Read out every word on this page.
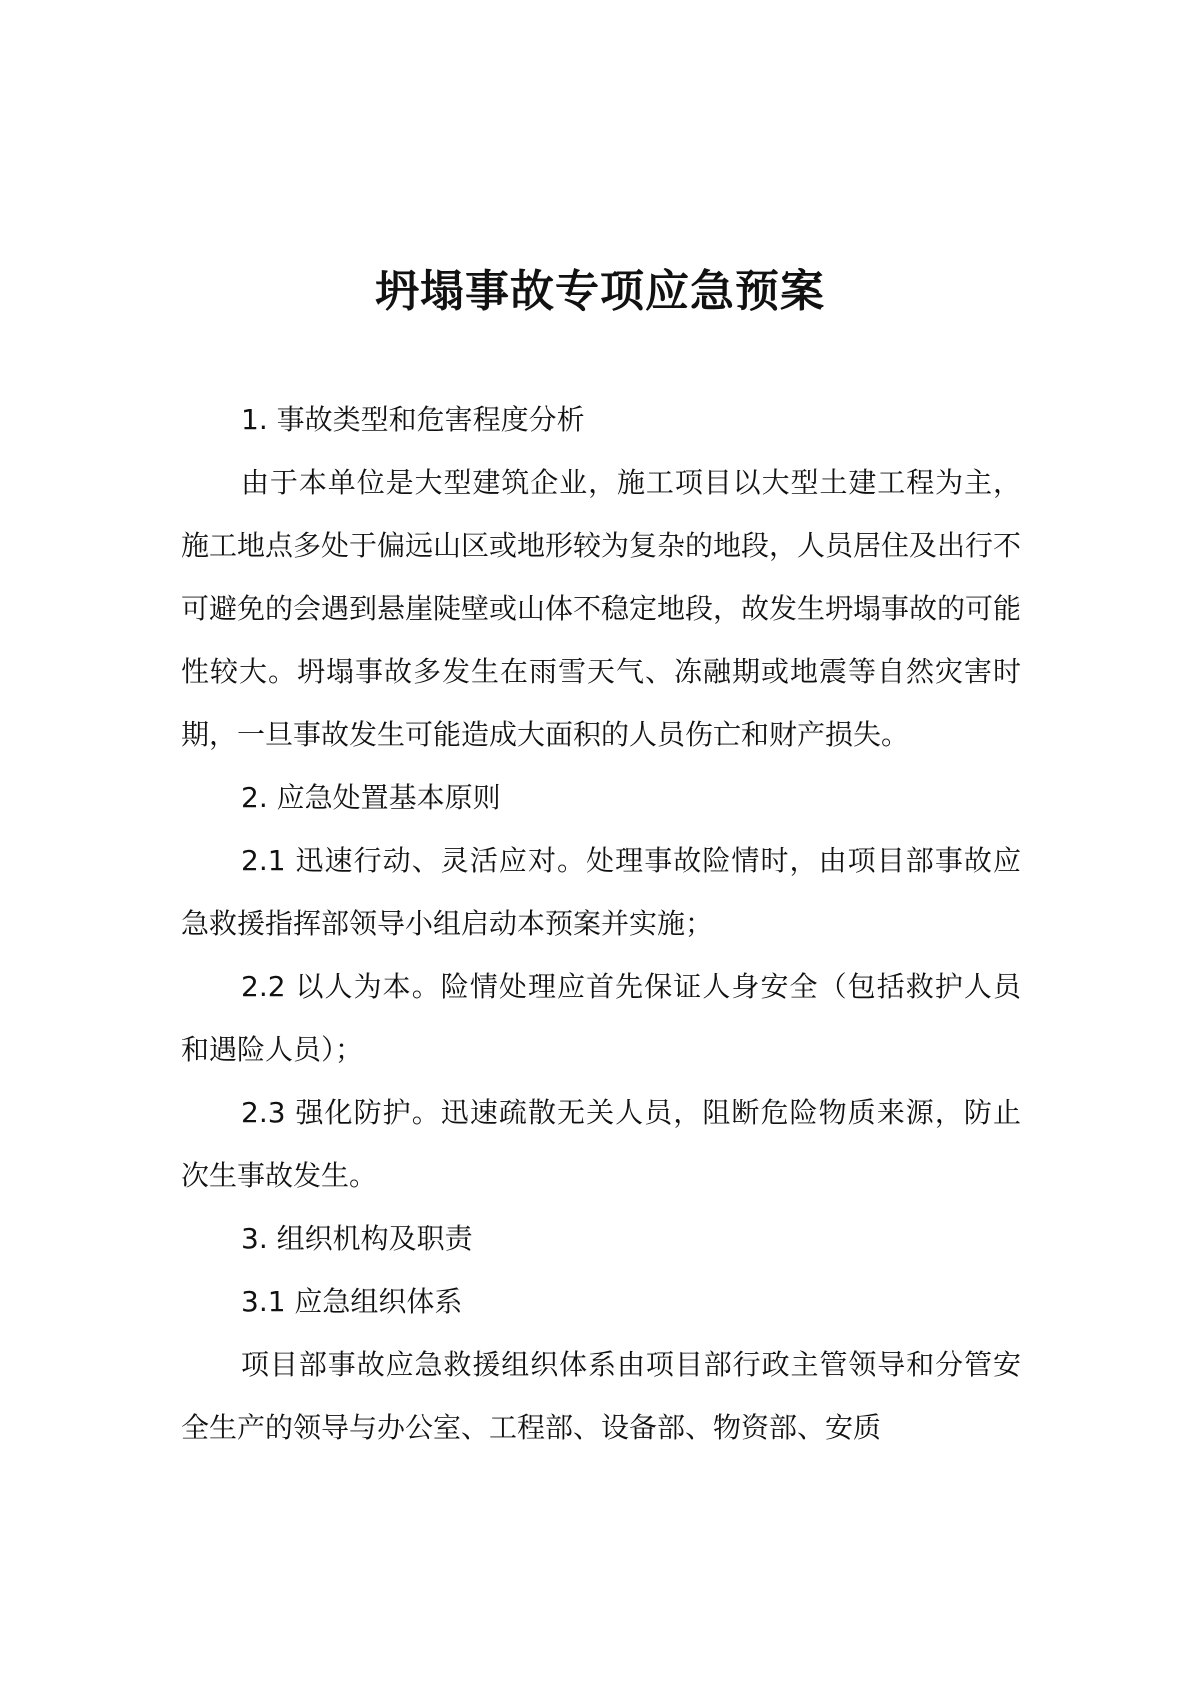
坍塌事故专项应急预案

1. 事故类型和危害程度分析

由于本单位是大型建筑企业，施工项目以大型土建工程为主，施工地点多处于偏远山区或地形较为复杂的地段，人员居住及出行不可避免的会遇到悬崖陡壁或山体不稳定地段，故发生坍塌事故的可能性较大。坍塌事故多发生在雨雪天气、冻融期或地震等自然灾害时期，一旦事故发生可能造成大面积的人员伤亡和财产损失。

2. 应急处置基本原则

2.1 迅速行动、灵活应对。处理事故险情时，由项目部事故应急救援指挥部领导小组启动本预案并实施；

2.2 以人为本。险情处理应首先保证人身安全（包括救护人员和遇险人员）；

2.3 强化防护。迅速疏散无关人员，阻断危险物质来源，防止次生事故发生。

3. 组织机构及职责

3.1 应急组织体系

项目部事故应急救援组织体系由项目部行政主管领导和分管安全生产的领导与办公室、工程部、设备部、物资部、安质
